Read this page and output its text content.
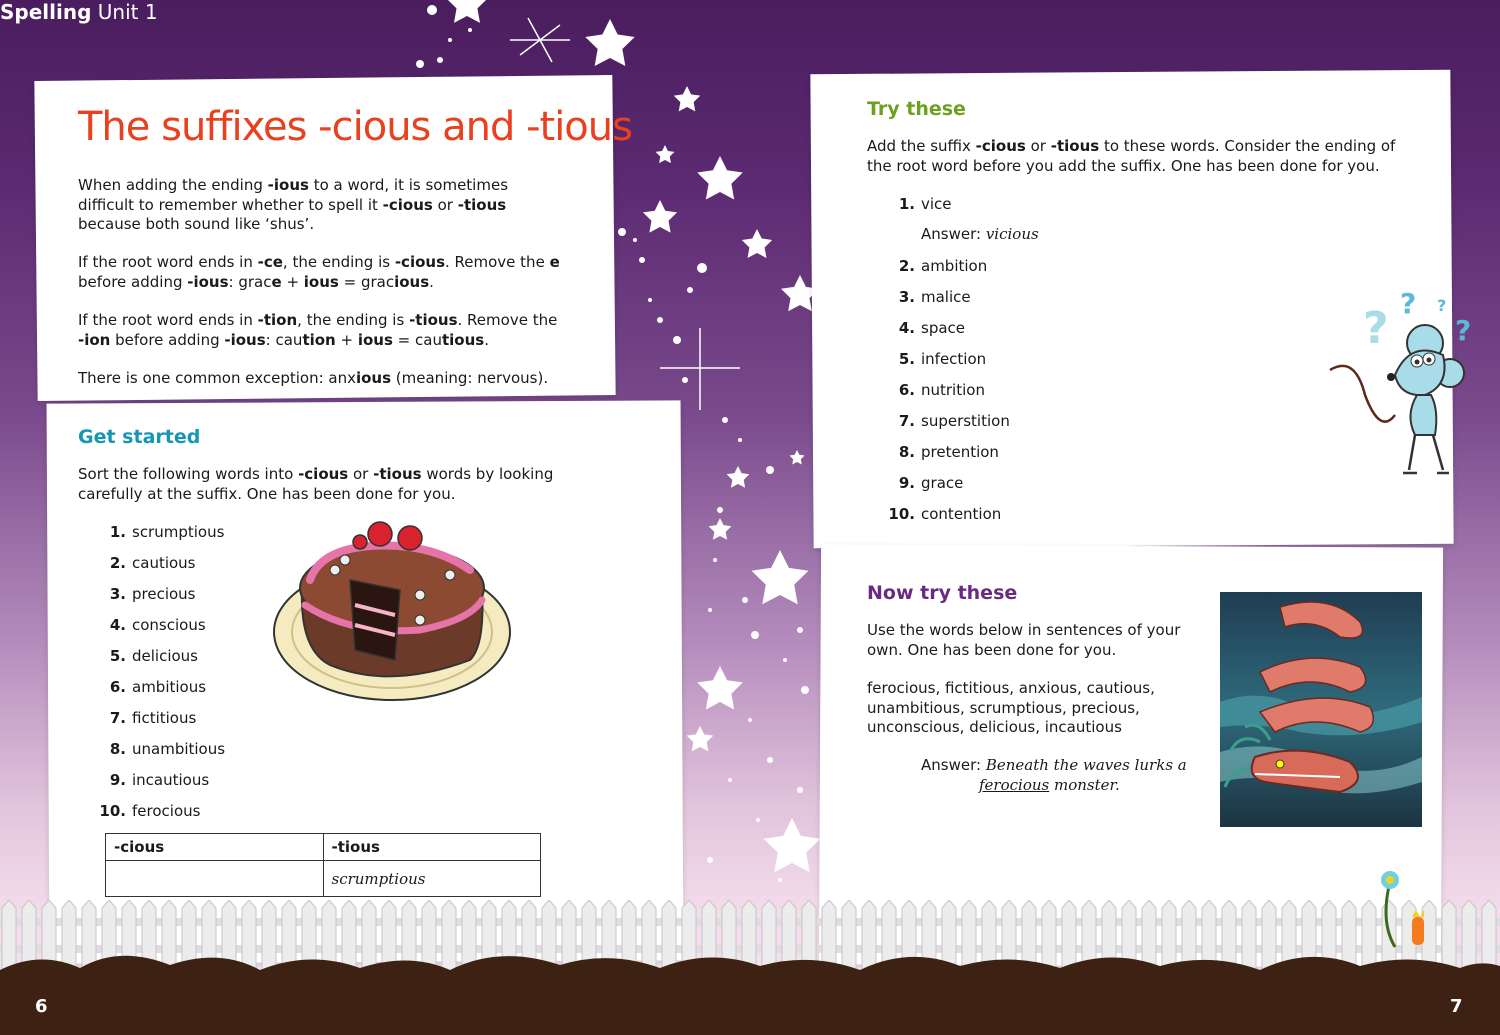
Spelling Unit 1
The suffixes -cious and -tious

When adding the ending -ious to a word, it is sometimes difficult to remember whether to spell it -cious or -tious because both sound like ‘shus’.

If the root word ends in -ce, the ending is -cious. Remove the e before adding -ious: grace + ious = gracious.

If the root word ends in -tion, the ending is -tious. Remove the -ion before adding -ious: caution + ious = cautious.

There is one common exception: anxious (meaning: nervous).

Get started

Sort the following words into -cious or -tious words by looking carefully at the suffix. One has been done for you.

1. scrumptious
2. cautious
3. precious
4. conscious
5. delicious
6. ambitious
7. fictitious
8. unambitious
9. incautious
10. ferocious
-cious	-tious
	scrumptious
Try these

Add the suffix -cious or -tious to these words. Consider the ending of the root word before you add the suffix. One has been done for you.

1. vice
Answer: vicious
2. ambition
3. malice
4. space
5. infection
6. nutrition
7. superstition
8. pretention
9. grace
10. contention
? ? ?
?
Now try these

Use the words below in sentences of your own. One has been done for you.

ferocious, fictitious, anxious, cautious, unambitious, scrumptious, precious, unconscious, delicious, incautious

Answer: Beneath the waves lurks a
ferocious monster.
6	7
